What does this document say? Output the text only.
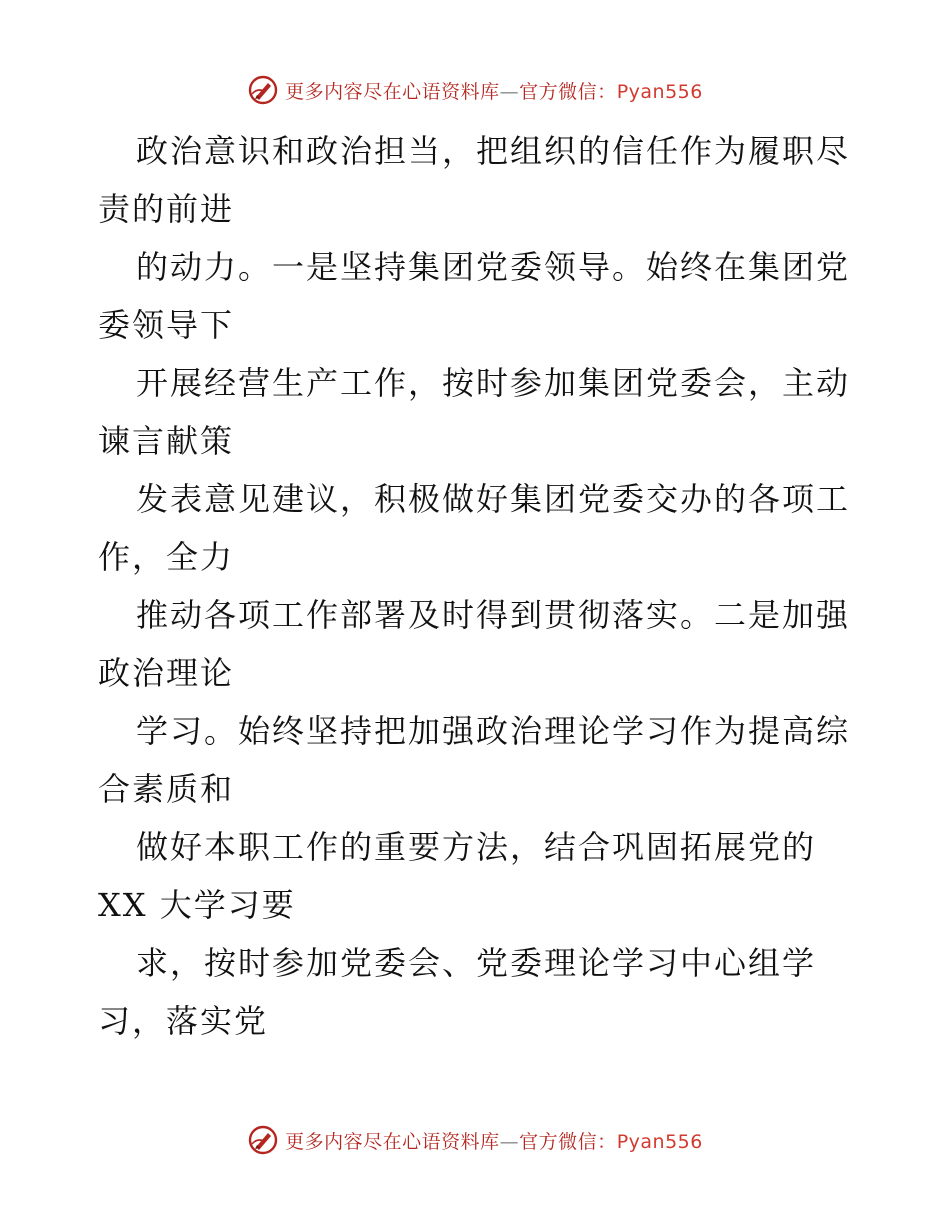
更多内容尽在心语资料库—官方微信：Pyan556

政治意识和政治担当，把组织的信任作为履职尽
责的前进

的动力。一是坚持集团党委领导。始终在集团党
委领导下

开展经营生产工作，按时参加集团党委会，主动
谏言献策

发表意见建议，积极做好集团党委交办的各项工
作，全力

推动各项工作部署及时得到贯彻落实。二是加强
政治理论

学习。始终坚持把加强政治理论学习作为提高综
合素质和

做好本职工作的重要方法，结合巩固拓展党的
XX 大学习要

求，按时参加党委会、党委理论学习中心组学
习，落实党

更多内容尽在心语资料库—官方微信：Pyan556
